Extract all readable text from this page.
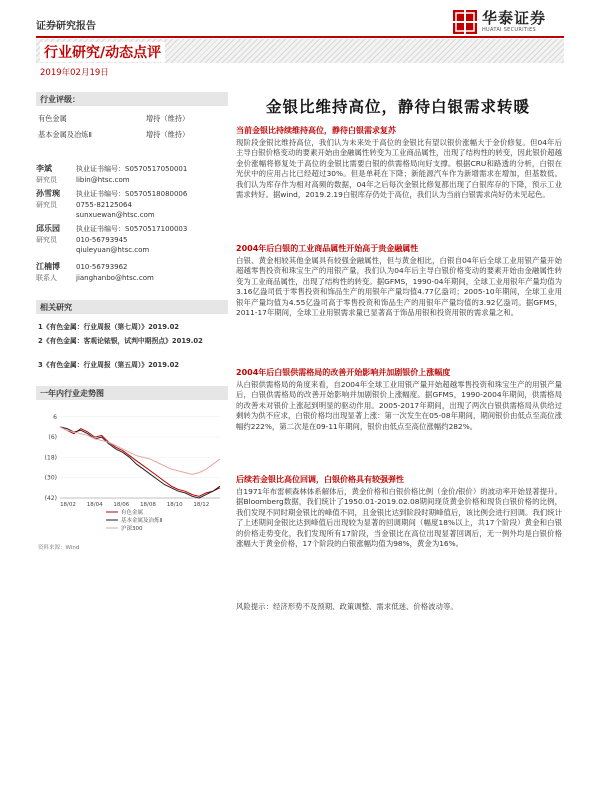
证券研究报告	华泰证券
HUATAI SECURITIES
行业研究/动态点评
2019年02月19日
行业评级：
有色金属	增持（维持）
基本金属及冶炼Ⅱ	增持（维持）
李斌	执业证书编号：S0570517050001
研究员	libin@htsc.com
孙雪琬 执业证书编号：S0570518080006
研究员	0755-82125064
sunxuewan@htsc.com
邱乐园 执业证书编号：S0570517100003
研究员	010-56793945
qiuleyuan@htsc.com
江楠博 010-56793962
联系人	jianghanbo@htsc.com
相关研究
1《有色金属：行业周报（第七周）》2019.02
2《有色金属：客观论铱银，试判中期拐点》2019.02
3《有色金属：行业周报（第五周）》2019.02
一年内行业走势图
(42)
(30)
(18)
(6)
6
18/02 18/04 18/06 18/08 18/10 18/12
有色金属
基本金属及冶炼Ⅱ
沪深300
资料来源：Wind
金银比维持高位，静待白银需求转暖
当前金银比持续维持高位，静待白银需求复苏
现阶段金银比维持高位，我们认为未来处于高位的金银比有望以银价涨幅大于金价修复。但04年后主导白银价格变动的要素开始由金融属性转变为工业商品属性，出现了结构性的转变，因此银价超越金价涨幅将修复处于高位的金银比需要白银的供需格局向好支撑。根据CRU和路透的分析，白银在光伏中的应用占比已经超过30%。但是单耗在下降；新能源汽车作为新增需求在增加，但基数低。我们认为库存作为相对高频的数据，04年之后每次金银比修复都出现了白银库存的下降，预示工业需求转好。据wind，2019.2.19白银库存仍处于高位，我们认为当前白银需求尚好仍未见起色。
2004年后白银的工业商品属性开始高于贵金融属性
白银、黄金相较其他金属具有较强金融属性，但与黄金相比，白银自04年后全球工业用银产量开始超越零售投资和珠宝生产的用银产量，我们认为04年后主导白银价格变动的要素开始由金融属性转变为工业商品属性，出现了结构性的转变。据GFMS，1990-04年期间，全球工业用银年产量均值为3.16亿盎司低于零售投资和饰品生产的用银年产量均值4.77亿盎司；2005-10年期间，全球工业用银年产量均值为4.55亿盎司高于零售投资和饰品生产的用银年产量均值的3.92亿盎司。据GFMS，2011-17年期间，全球工业用银需求量已显著高于饰品用银和投资用银的需求量之和。
2004年后白银供需格局的改善开始影响并加剧银价上涨幅度
从白银供需格局的角度来看，自2004年全球工业用银产量开始超越零售投资和珠宝生产的用银产量后，白银供需格局的改善开始影响并加剧银价上涨幅度。据GFMS，1990-2004年期间，供需格局的改善未对银价上涨起到明显的驱动作用。2005-2017年期间，出现了两次白银供需格局从供给过剩转为供不应求，白银价格均出现显著上涨：第一次发生在05-08年期间，期间银价由低点至高位涨幅约222%，第二次是在09-11年期间，银价由低点至高位涨幅约282%。
后续若金银比高位回调，白银价格具有较强弹性
自1971年布雷顿森林体系解体后，黄金价格和白银价格比例（金价/银价）的波动率开始显著提升。据Bloomberg数据，我们统计了1950.01-2019.02.08期间现货黄金价格和现货白银价格的比例，我们发现不同时期金银比的峰值不同，且金银比达到阶段时期峰值后，该比例会进行回调。我们统计了上述期间金银比达到峰值后出现较为显著的回调期间（幅度18%以上，共17个阶段）黄金和白银的价格走势变化，我们发现所有17阶段，当金银比在高位出现显著回调后，无一例外均是白银价格涨幅大于黄金价格，17个阶段的白银涨幅均值为98%，黄金为16%。
风险提示：经济形势不及预期、政策调整、需求低迷、价格波动等。
